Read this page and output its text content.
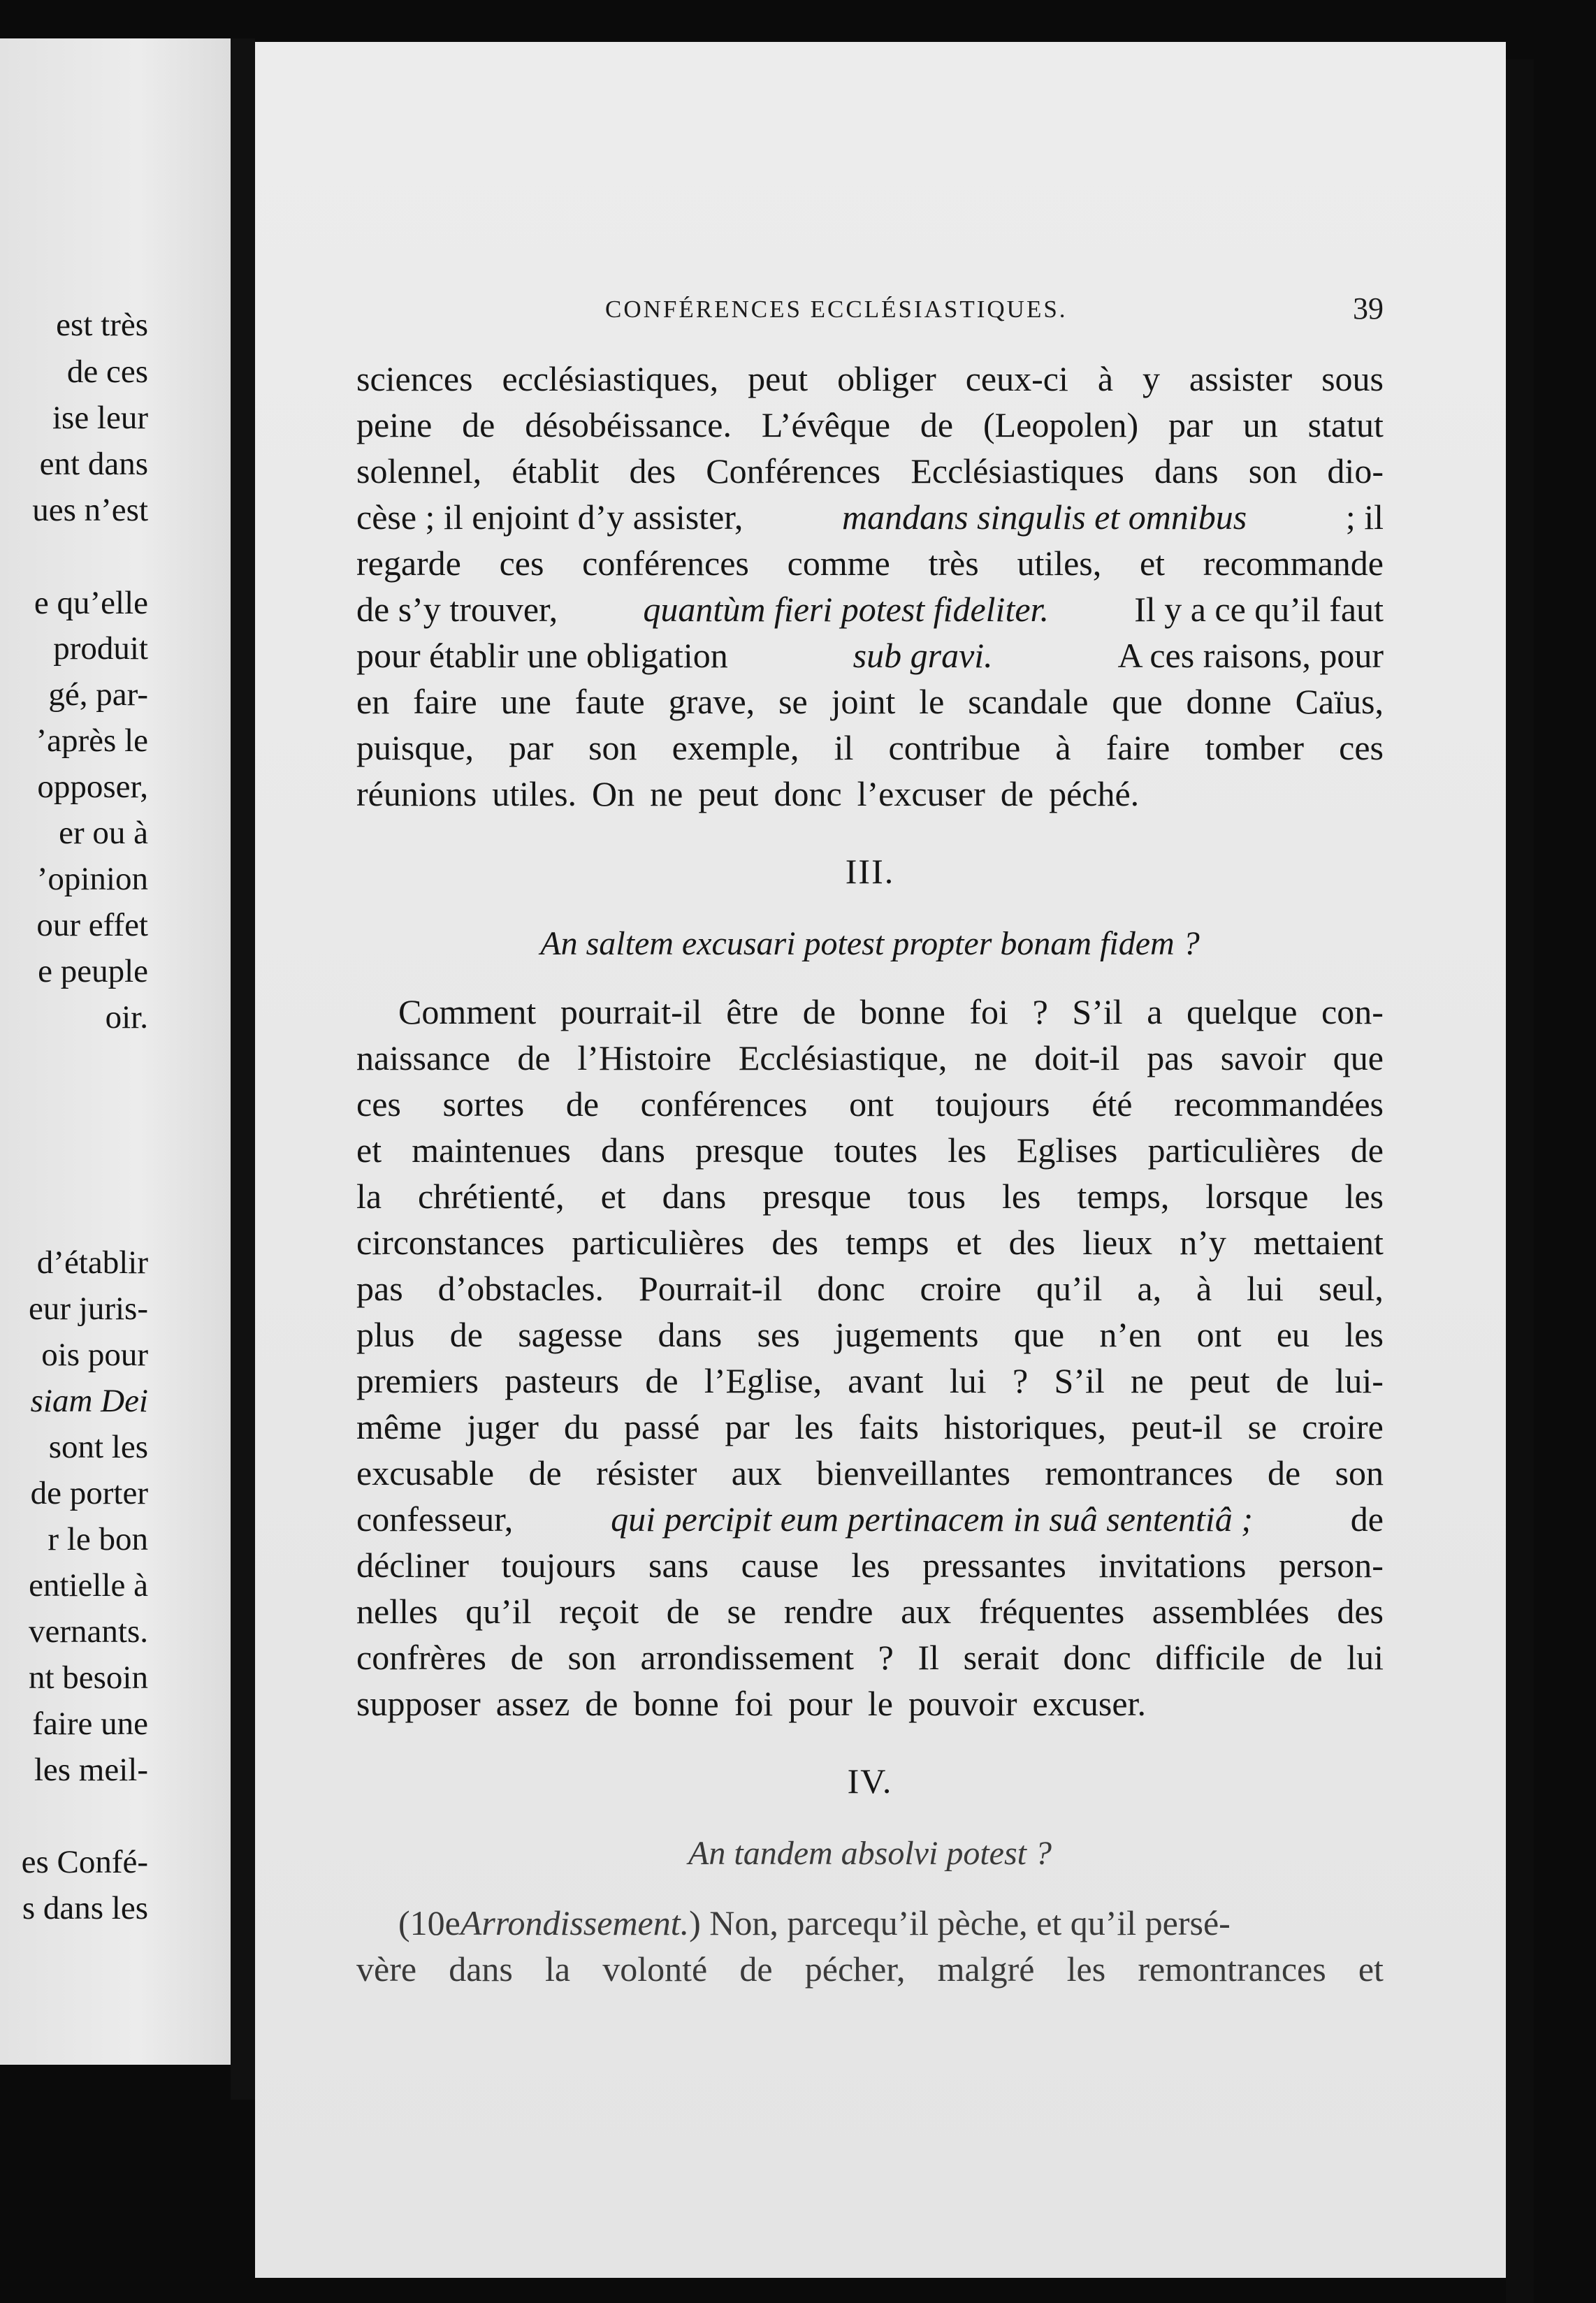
est très
de ces
ise leur
ent dans
ues n’est
e qu’elle
produit
gé, par-
’après le
opposer,
er ou à
’opinion
our effet
e peuple
oir.
d’établir
eur juris-
ois pour
siam Dei
sont les
de porter
r le bon
entielle à
vernants.
nt besoin
faire une
les meil-
es Confé-
s dans les
CONFÉRENCES ECCLÉSIASTIQUES.	39
sciences ecclésiastiques, peut obliger ceux-ci à y assister sous
peine de désobéissance. L’évêque de (Leopolen) par un statut
solennel, établit des Conférences Ecclésiastiques dans son dio-
cèse ; il enjoint d’y assister,	mandans singulis et omnibus	; il
regarde ces conférences comme très utiles, et recommande
de s’y trouver, quantùm fieri potest fideliter. Il y a ce qu’il faut
pour établir une obligation	sub gravi.	A ces raisons, pour
en faire une faute grave, se joint le scandale que donne Caïus,
puisque, par son exemple, il contribue à faire tomber ces
réunions utiles. On ne peut donc l’excuser de péché.
III.
An saltem excusari potest propter bonam fidem ?
Comment pourrait-il être de bonne foi ? S’il a quelque con-
naissance de l’Histoire Ecclésiastique, ne doit-il pas savoir que
ces sortes de conférences ont toujours été recommandées
et maintenues dans presque toutes les Eglises particulières de
la chrétienté, et dans presque tous les temps, lorsque les
circonstances particulières des temps et des lieux n’y mettaient
pas d’obstacles. Pourrait-il donc croire qu’il a, à lui seul,
plus de sagesse dans ses jugements que n’en ont eu les
premiers pasteurs de l’Eglise, avant lui ? S’il ne peut de lui-
même juger du passé par les faits historiques, peut-il se croire
excusable de résister aux bienveillantes remontrances de son
confesseur,	qui percipit eum pertinacem in suâ sententiâ ;	de
décliner toujours sans cause les pressantes invitations person-
nelles qu’il reçoit de se rendre aux fréquentes assemblées des
confrères de son arrondissement ? Il serait donc difficile de lui
supposer assez de bonne foi pour le pouvoir excuser.
IV.
An tandem absolvi potest ?
(10e Arrondissement. ) Non, parcequ’il pèche, et qu’il persé-
vère dans la volonté de pécher, malgré les remontrances et
